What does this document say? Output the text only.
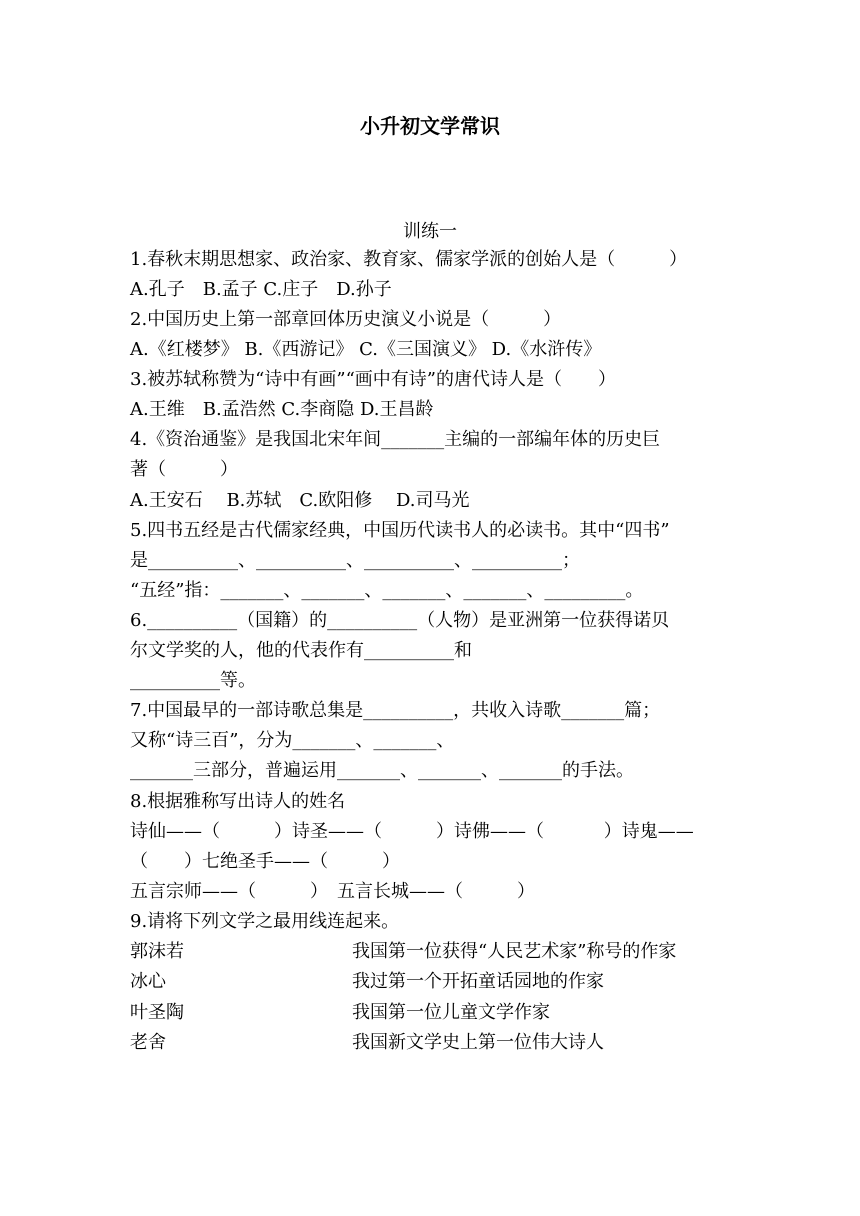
小升初文学常识
训练一
1.春秋末期思想家、政治家、教育家、儒家学派的创始人是（　　　）
A.孔子　B.孟子 C.庄子　D.孙子
2.中国历史上第一部章回体历史演义小说是（　　　）
A.《红楼梦》 B.《西游记》 C.《三国演义》 D.《水浒传》
3.被苏轼称赞为“诗中有画”“画中有诗”的唐代诗人是（　　）
A.王维　B.孟浩然 C.李商隐 D.王昌龄
4.《资治通鉴》是我国北宋年间_______主编的一部编年体的历史巨
著（　　　）
A.王安石　 B.苏轼　C.欧阳修　 D.司马光
5.四书五经是古代儒家经典，中国历代读书人的必读书。其中“四书”
是__________、__________、__________、__________；
“五经”指：_______、_______、_______、_______、_________。
6.__________（国籍）的__________（人物）是亚洲第一位获得诺贝
尔文学奖的人，他的代表作有__________和
__________等。
7.中国最早的一部诗歌总集是__________，共收入诗歌_______篇；
又称“诗三百”，分为_______、_______、
_______三部分，普遍运用_______、_______、_______的手法。
8.根据雅称写出诗人的姓名
诗仙——（　　　）诗圣——（　　　）诗佛——（　　　 ）诗鬼——
（　　）七绝圣手——（　　　）
五言宗师——（　　　）　五言长城——（　　　）
9.请将下列文学之最用线连起来。
郭沫若	我国第一位获得“人民艺术家”称号的作家
冰心	我过第一个开拓童话园地的作家
叶圣陶	我国第一位儿童文学作家
老舍	我国新文学史上第一位伟大诗人
